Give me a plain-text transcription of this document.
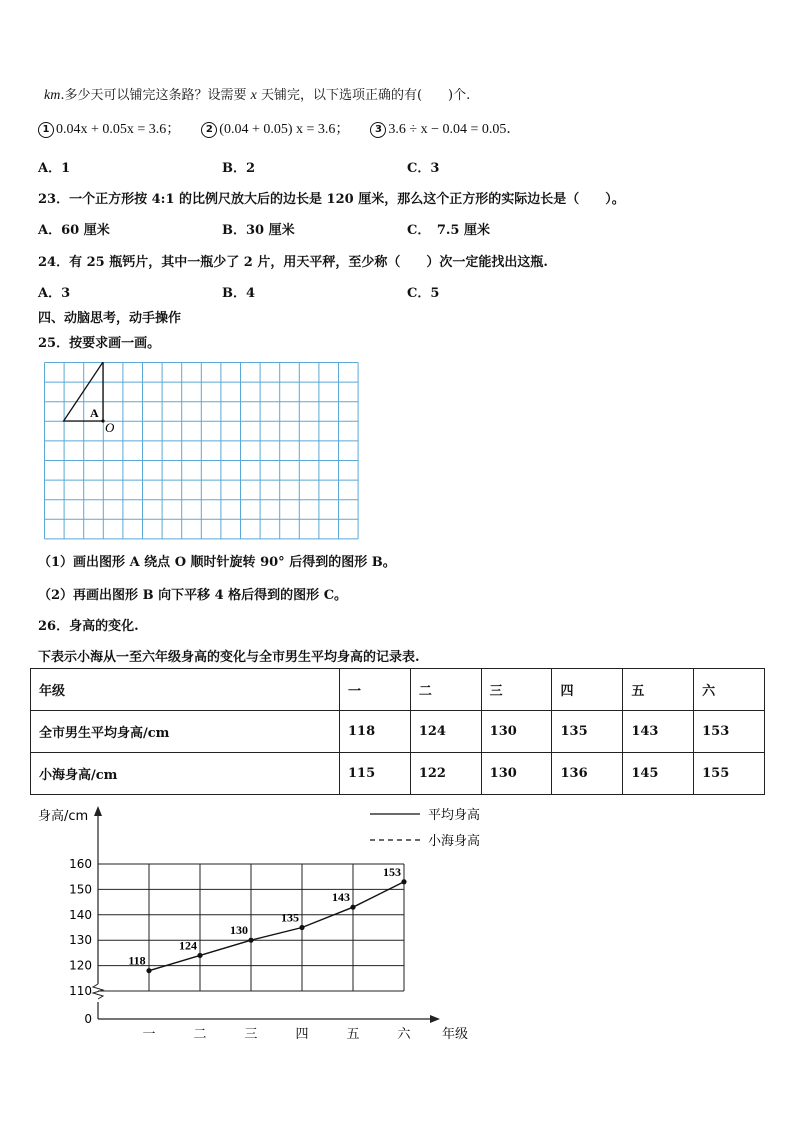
km.多少天可以铺完这条路？设需要 x 天铺完，以下选项正确的有(　　)个.
1 0.04x + 0.05x = 3.6；	2 (0.04 + 0.05) x = 3.6；	3 3.6 ÷ x − 0.04 = 0.05．
A．1	B．2	C．3
23．一个正方形按 4:1 的比例尺放大后的边长是 120 厘米，那么这个正方形的实际边长是（　　）。
A．60 厘米	B．30 厘米	C．　7.5 厘米
24．有 25 瓶钙片，其中一瓶少了 2 片，用天平秤，至少称（　　）次一定能找出这瓶.
A．3	B．4	C．5
四、动脑思考，动手操作
25．按要求画一画。
A
O
（1）画出图形 A 绕点 O 顺时针旋转 90° 后得到的图形 B。
（2）再画出图形 B 向下平移 4 格后得到的图形 C。
26．身高的变化.
下表示小海从一至六年级身高的变化与全市男生平均身高的记录表.
年级	一	二	三	四	五	六
全市男生平均身高/cm	118	124	130	135	143	153
小海身高/cm	115	122	130	136	145	155
身高/cm
年级
0
110
120
130
140
150
160
一	二	三	四	五	六
118
124
130
135
143
153
平均身高
小海身高
